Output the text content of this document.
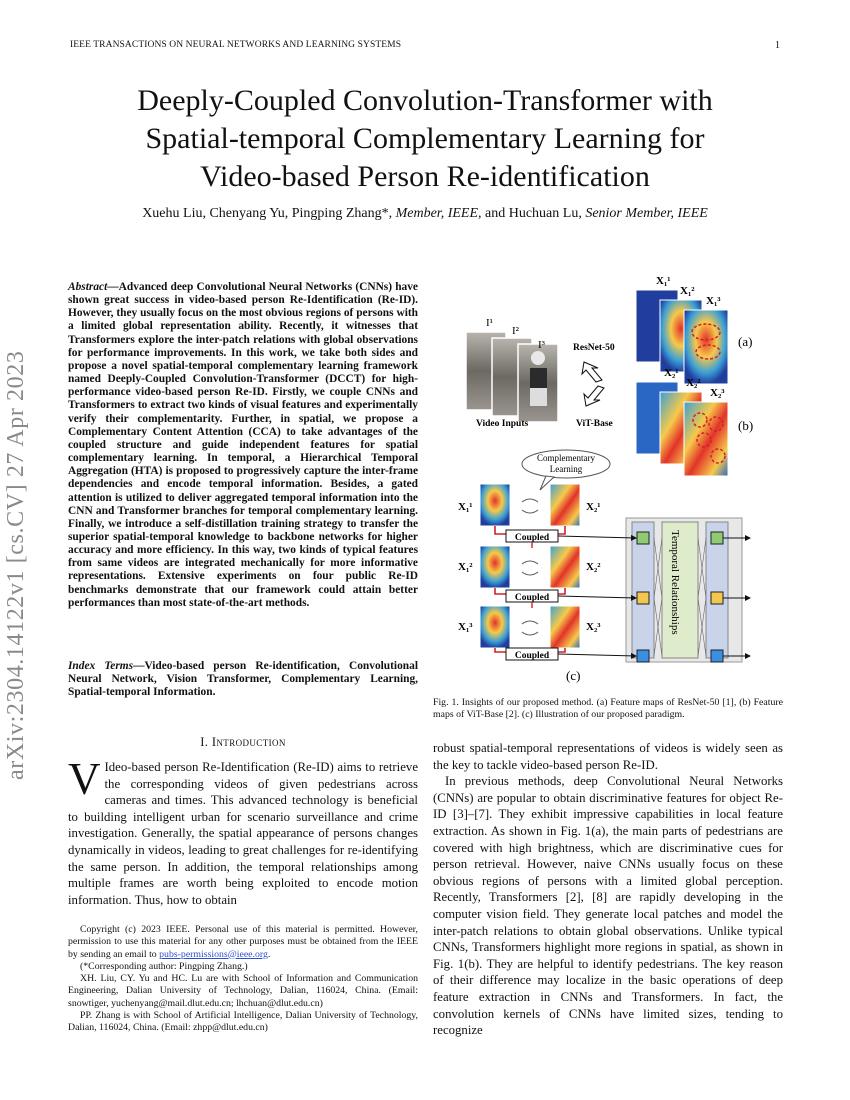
IEEE TRANSACTIONS ON NEURAL NETWORKS AND LEARNING SYSTEMS	1
Deeply-Coupled Convolution-Transformer with
Spatial-temporal Complementary Learning for
Video-based Person Re-identification
Xuehu Liu, Chenyang Yu, Pingping Zhang*, Member, IEEE, and Huchuan Lu, Senior Member, IEEE
arXiv:2304.14122v1 [cs.CV] 27 Apr 2023
Abstract—Advanced deep Convolutional Neural Networks (CNNs) have shown great success in video-based person Re-Identification (Re-ID). However, they usually focus on the most obvious regions of persons with a limited global representation ability. Recently, it witnesses that Transformers explore the inter-patch relations with global observations for performance improvements. In this work, we take both sides and propose a novel spatial-temporal complementary learning framework named Deeply-Coupled Convolution-Transformer (DCCT) for high-performance video-based person Re-ID. Firstly, we couple CNNs and Transformers to extract two kinds of visual features and experimentally verify their complementarity. Further, in spatial, we propose a Complementary Content Attention (CCA) to take advantages of the coupled structure and guide independent features for spatial complementary learning. In temporal, a Hierarchical Temporal Aggregation (HTA) is proposed to progressively capture the inter-frame dependencies and encode temporal information. Besides, a gated attention is utilized to deliver aggregated temporal information into the CNN and Transformer branches for temporal complementary learning. Finally, we introduce a self-distillation training strategy to transfer the superior spatial-temporal knowledge to backbone networks for higher accuracy and more efficiency. In this way, two kinds of typical features from same videos are integrated mechanically for more informative representations. Extensive experiments on four public Re-ID benchmarks demonstrate that our framework could attain better performances than most state-of-the-art methods.
Index Terms—Video-based person Re-identification, Convolutional Neural Network, Vision Transformer, Complementary Learning, Spatial-temporal Information.
I. Introduction
V Ideo-based person Re-Identification (Re-ID) aims to retrieve the corresponding videos of given pedestrians across cameras and times. This advanced technology is beneficial to building intelligent urban for scenario surveillance and crime investigation. Generally, the spatial appearance of persons changes dynamically in videos, leading to great challenges for re-identifying the same person. In addition, the temporal relationships among multiple frames are worth being exploited to encode motion information. Thus, how to obtain

Copyright (c) 2023 IEEE. Personal use of this material is permitted. However, permission to use this material for any other purposes must be obtained from the IEEE by sending an email to pubs-permissions@ieee.org.

(*Corresponding author: Pingping Zhang.)

XH. Liu, CY. Yu and HC. Lu are with School of Information and Communication Engineering, Dalian University of Technology, Dalian, 116024, China. (Email: snowtiger, yuchenyang@mail.dlut.edu.cn; lhchuan@dlut.edu.cn)

PP. Zhang is with School of Artificial Intelligence, Dalian University of Technology, Dalian, 116024, China. (Email: zhpp@dlut.edu.cn)

I¹
I²
I³
Video Inputs
ResNet-50
ViT-Base
X₁¹
X₁²
X₁³
(a)
X₂¹
X₂²
X₂³
(b)
Complementary
Learning
Temporal Relationships
X₁¹	X₂¹
Coupled
X₁²	X₂²
Coupled
X₁³	X₂³
Coupled
(c)
Fig. 1. Insights of our proposed method. (a) Feature maps of ResNet-50 [1], (b) Feature maps of ViT-Base [2]. (c) Illustration of our proposed paradigm.

robust spatial-temporal representations of videos is widely seen as the key to tackle video-based person Re-ID.

In previous methods, deep Convolutional Neural Networks (CNNs) are popular to obtain discriminative features for object Re-ID [3]–[7]. They exhibit impressive capabilities in local feature extraction. As shown in Fig. 1(a), the main parts of pedestrians are covered with high brightness, which are discriminative cues for person retrieval. However, naive CNNs usually focus on these obvious regions of persons with a limited global perception. Recently, Transformers [2], [8] are rapidly developing in the computer vision field. They generate local patches and model the inter-patch relations to obtain global observations. Unlike typical CNNs, Transformers highlight more regions in spatial, as shown in Fig. 1(b). They are helpful to identify pedestrians. The key reason of their difference may localize in the basic operations of deep feature extraction in CNNs and Transformers. In fact, the convolution kernels of CNNs have limited sizes, tending to recognize
